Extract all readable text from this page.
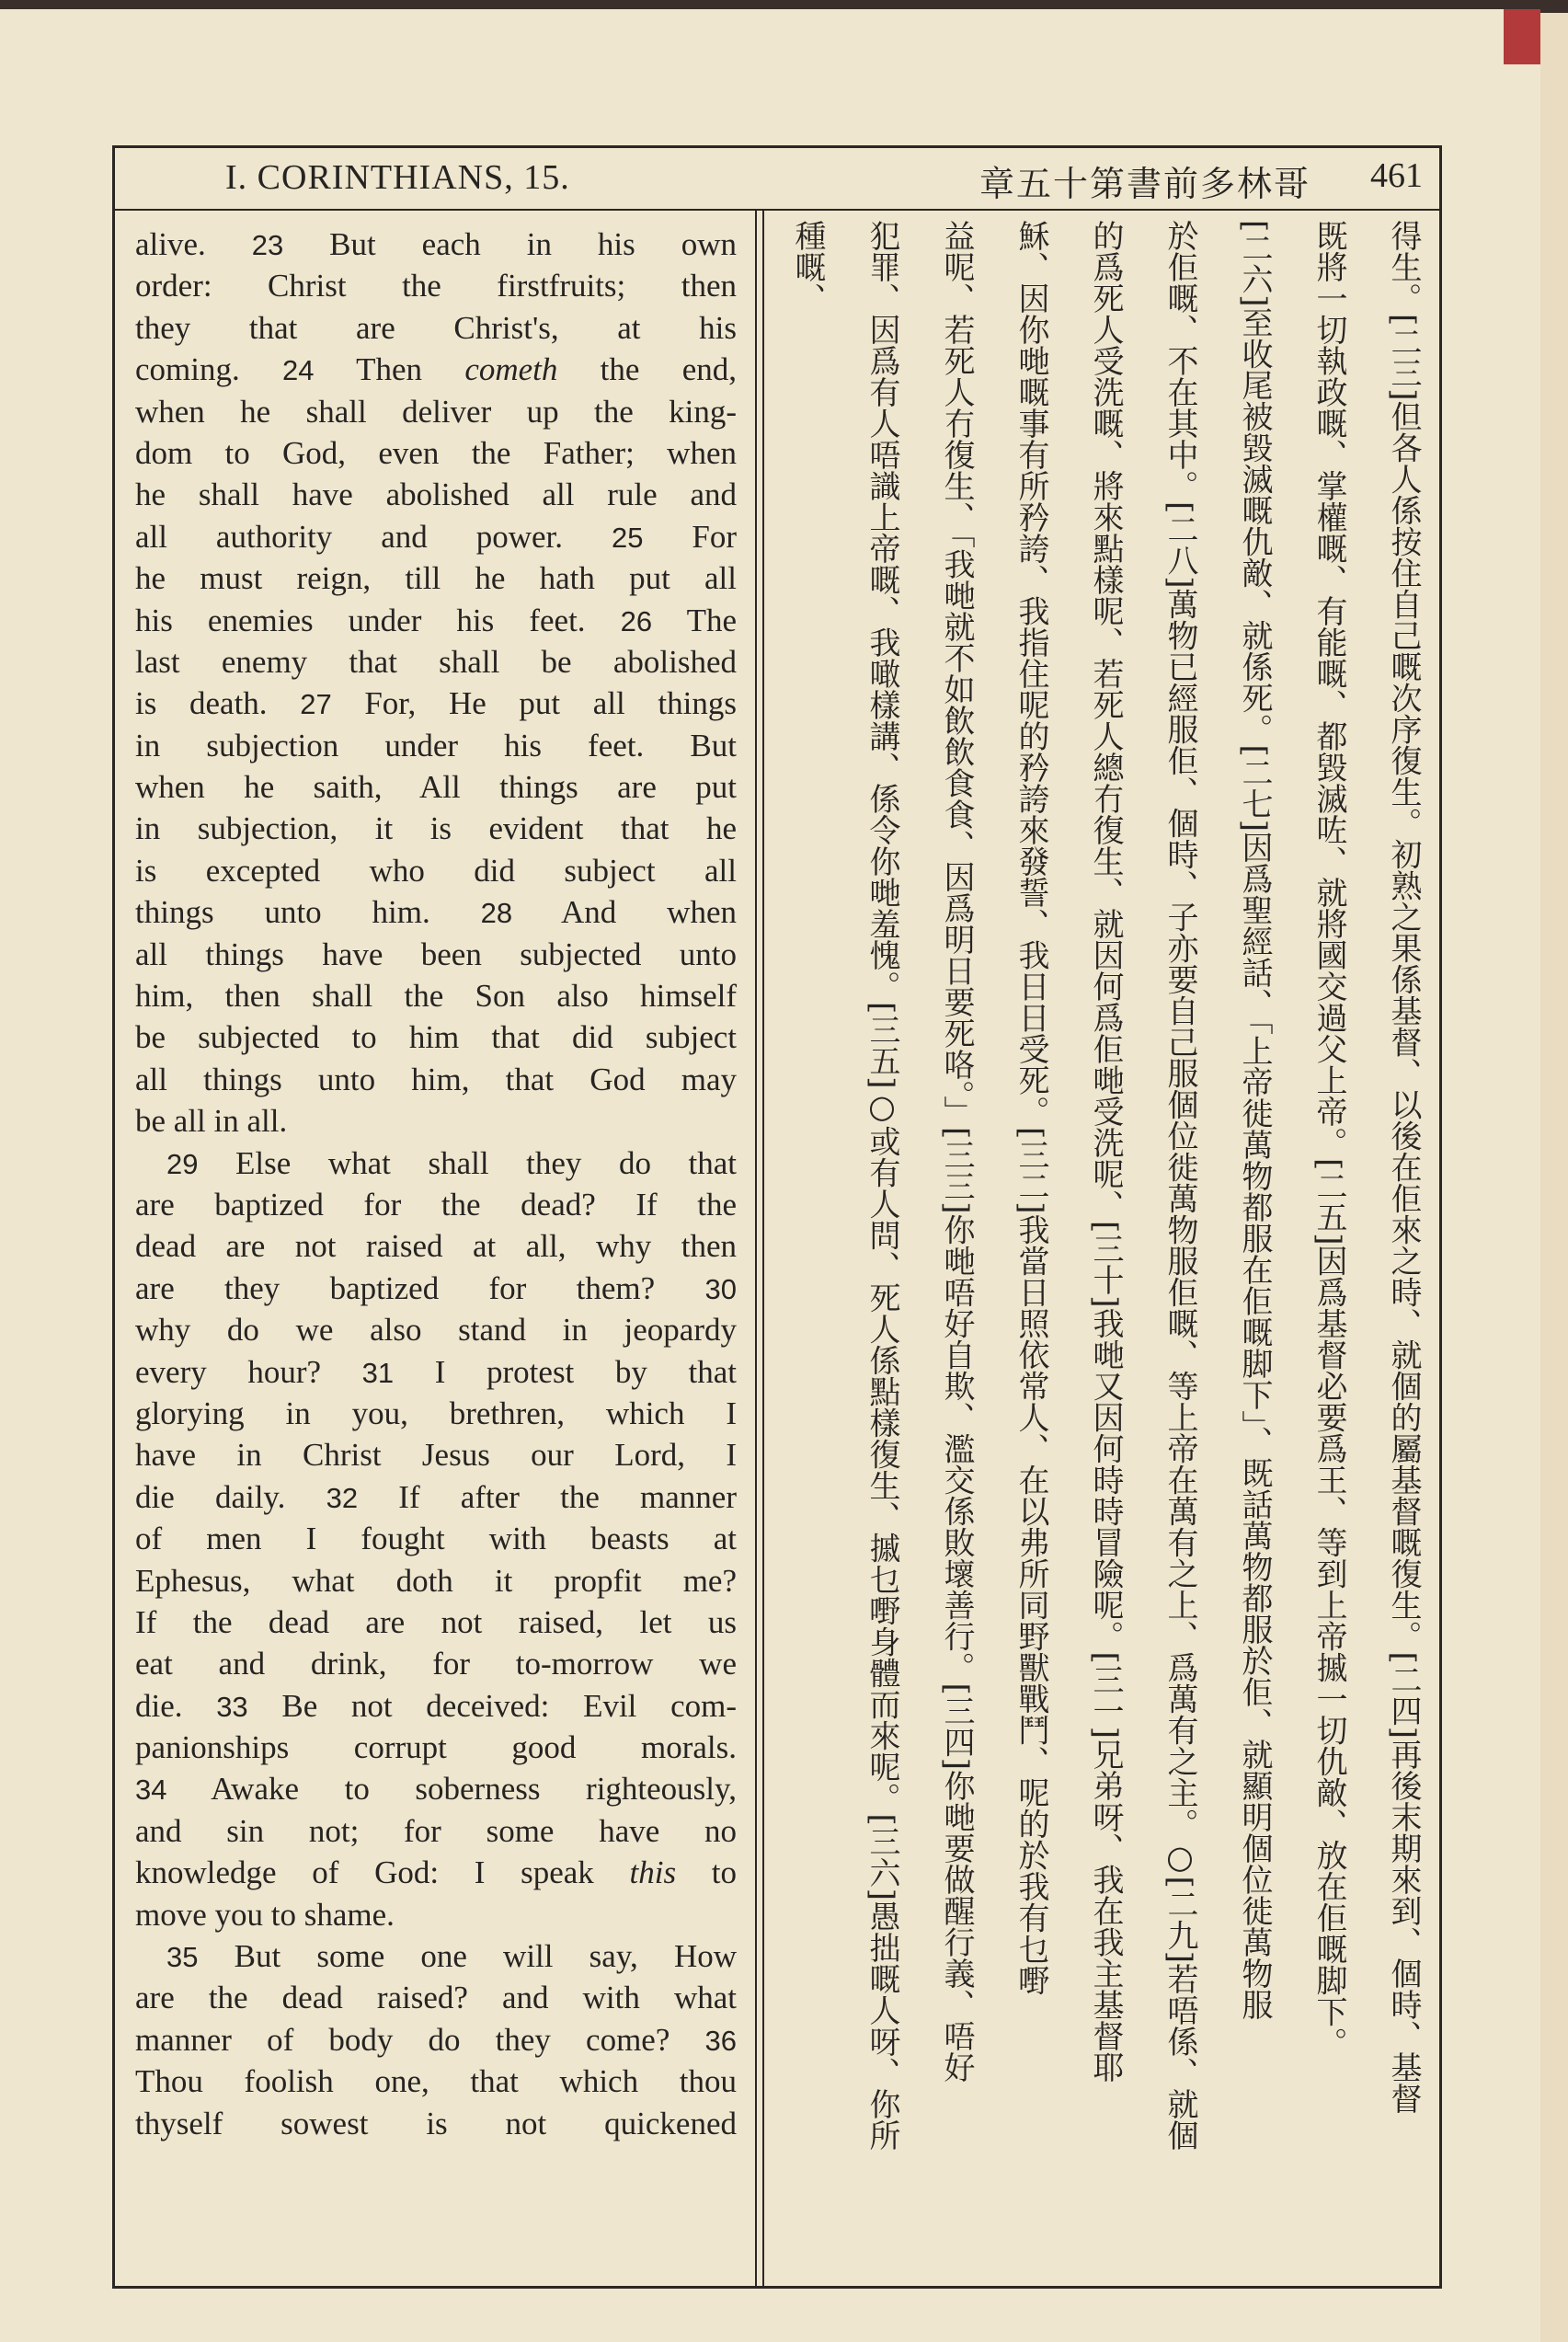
I. CORINTHIANS, 15.	哥林多前書第十五章 461
alive. 23 But each in his own
order: Christ the firstfruits; then
they that are Christ's, at his
coming. 24 Then cometh the end,
when he shall deliver up the king-
dom to God, even the Father; when
he shall have abolished all rule and
all authority and power. 25 For
he must reign, till he hath put all
his enemies under his feet. 26 The
last enemy that shall be abolished
is death. 27 For, He put all things
in subjection under his feet. But
when he saith, All things are put
in subjection, it is evident that he
is excepted who did subject all
things unto him. 28 And when
all things have been subjected unto
him, then shall the Son also himself
be subjected to him that did subject
all things unto him, that God may
be all in all.
29 Else what shall they do that
are baptized for the dead? If the
dead are not raised at all, why then
are they baptized for them? 30
why do we also stand in jeopardy
every hour? 31 I protest by that
glorying in you, brethren, which I
have in Christ Jesus our Lord, I
die daily. 32 If after the manner
of men I fought with beasts at
Ephesus, what doth it propfit me?
If the dead are not raised, let us
eat and drink, for to-morrow we
die. 33 Be not deceived: Evil com-
panionships corrupt good morals.
34 Awake to soberness righteously,
and sin not; for some have no
knowledge of God: I speak this to
move you to shame.
35 But some one will say, How
are the dead raised? and with what
manner of body do they come? 36
Thou foolish one, that which thou
thyself sowest is not quickened
得生。[二三]但各人係按住自己嘅次序復生。初熟之果係基督、以後在佢來之時、就個的屬基督嘅復生。[二四]再後末期來到、個時、基督
既將一切執政嘅、掌權嘅、有能嘅、都毀滅咗、就將國交過父上帝。[二五]因爲基督必要爲王、等到上帝摵一切仇敵、放在佢嘅脚下。
[二六]至收尾被毀滅嘅仇敵、就係死。[二七]因爲聖經話、「上帝徙萬物都服在佢嘅脚下」、既話萬物都服於佢、就顯明個位徙萬物服
於佢嘅、不在其中。[二八]萬物已經服佢、個時、子亦要自己服個位徙萬物服佢嘅、等上帝在萬有之上、爲萬有之主。○[二九]若唔係、就個
的爲死人受洗嘅、將來點樣呢、若死人總冇復生、就因何爲佢哋受洗呢、[三十]我哋又因何時時冒險呢。[三一]兄弟呀、我在我主基督耶
穌、因你哋嘅事有所矜誇、我指住呢的矜誇來發誓、我日日受死。[三二]我當日照依常人、在以弗所同野獸戰鬥、呢的於我有乜嘢
益呢、若死人冇復生、「我哋就不如飲飲食食、因爲明日要死咯。」[三三]你哋唔好自欺、濫交係敗壞善行。[三四]你哋要做醒行義、唔好
犯罪、因爲有人唔識上帝嘅、我噉樣講、係令你哋羞愧。[三五]○或有人問、死人係點樣復生、摵乜嘢身體而來呢。[三六]愚拙嘅人呀、你所
種嘅、
